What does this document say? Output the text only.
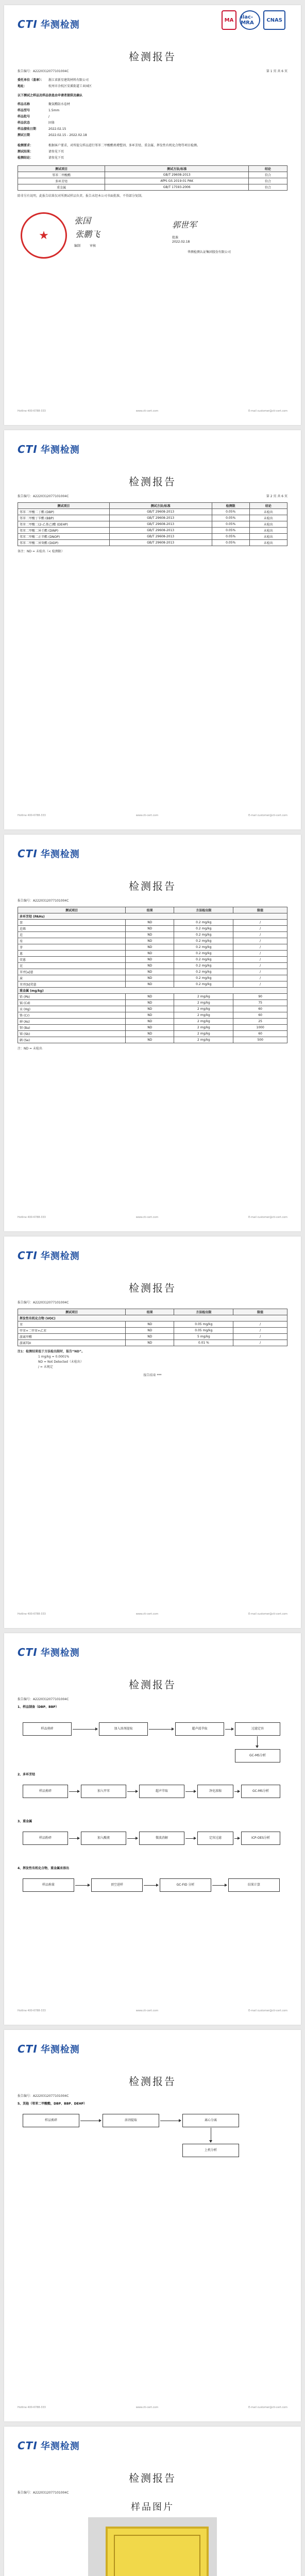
CTI 华测检测	MA	ilac-MRA	CNAS
检测报告
报告编号：A2220312077101004C	第 1 页 共 6 页
委托单位（盖章）：	浙江省新星建筑材料有限公司
地址：	杭州市余杭区安溪街道工业园区
以下测试之样品及样品信息由申请者提供及确认
样品名称	聚氨酯防水卷材
样品型号	1.5mm
样品批号	/
样品状态	固体
样品接收日期	2022.02.15
测试日期	2022.02.15 - 2022.02.18
检测要求：	根据客户要求，对所提交样品进行邻苯二甲酸酯类增塑剂、多环芳烃、重金属、挥发性有机化合物等项目检测。
测试结果：	请参见下页
检测结论：	请参见下页
测试项目	测试方法/标准	结论
邻苯二甲酸酯	GB/T 29608-2013	符合
多环芳烃	AfPS GS 2019:01 PAK	符合
重金属	GB/T 17593-2006	符合
除非另有说明，此报告结果仅对所测试样品负责。报告未经本公司书面批准，不得部分复制。
★
张国
张鹏飞
编制	审核
郭世军
批准
2022.02.18
华测检测认证集团股份有限公司
Hotline 400-6788-333	www.cti-cert.com	E-mail customer@cti-cert.com
CTI 华测检测
检测报告
报告编号：A2220312077101004C	第 2 页 共 6 页
测试项目	测试方法/标准	检测限	结论
邻苯二甲酸二丁酯 (DBP)	GB/T 29608-2013	0.05%	未检出
邻苯二甲酸丁苄酯 (BBP)	GB/T 29608-2013	0.05%	未检出
邻苯二甲酸二(2-乙基己)酯 (DEHP)	GB/T 29608-2013	0.05%	未检出
邻苯二甲酸二异壬酯 (DINP)	GB/T 29608-2013	0.05%	未检出
邻苯二甲酸二正辛酯 (DNOP)	GB/T 29608-2013	0.05%	未检出
邻苯二甲酸二异癸酯 (DIDP)	GB/T 29608-2013	0.05%	未检出
备注：ND = 未检出（< 检测限）
Hotline 400-6788-333	www.cti-cert.com	E-mail customer@cti-cert.com
CTI 华测检测
检测报告
报告编号：A2220312077101004C
测试项目	结果	方法检出限	限值
多环芳烃 (PAHs)			
萘	ND	0.2 mg/kg	/
苊烯	ND	0.2 mg/kg	/
苊	ND	0.2 mg/kg	/
芴	ND	0.2 mg/kg	/
菲	ND	0.2 mg/kg	/
蒽	ND	0.2 mg/kg	/
荧蒽	ND	0.2 mg/kg	/
芘	ND	0.2 mg/kg	/
苯并[a]蒽	ND	0.2 mg/kg	/
䓛	ND	0.2 mg/kg	/
苯并[b]荧蒽	ND	0.2 mg/kg	/
重金属 (mg/kg)			
铅 (Pb)	ND	2 mg/kg	90
镉 (Cd)	ND	2 mg/kg	75
汞 (Hg)	ND	2 mg/kg	60
铬 (Cr)	ND	2 mg/kg	60
砷 (As)	ND	2 mg/kg	25
钡 (Ba)	ND	2 mg/kg	1000
锑 (Sb)	ND	2 mg/kg	60
硒 (Se)	ND	2 mg/kg	500
注：ND = 未检出
Hotline 400-6788-333	www.cti-cert.com	E-mail customer@cti-cert.com
CTI 华测检测
检测报告
报告编号：A2220312077101004C
测试项目	结果	方法检出限	限值
挥发性有机化合物 (VOC)			
苯	ND	0.05 mg/kg	/
甲苯+二甲苯+乙苯	ND	0.05 mg/kg	/
游离甲醛	ND	5 mg/kg	/
游离TDI	ND	0.01 %	/
注1：检测结果低于方法检出限时，报告“ND”。
1 mg/kg = 0.0001%
ND = Not Detected（未检出）
/ = 未规定
报告结束 ***
Hotline 400-6788-333	www.cti-cert.com	E-mail customer@cti-cert.com
CTI 华测检测
检测报告
报告编号：A2220312077101004C
1、样品制备（DBP、BBP）
样品剪碎	加入溶剂提取	超声波萃取	过滤定容
GC-MS分析
2、多环芳烃
样品剪碎	加入甲苯	超声萃取	净化浓缩	GC-MS分析
3、重金属
样品粉碎	加入酸液	微波消解	定容过滤	ICP-OES分析
4、挥发性有机化合物，重金属汞溶出
样品称量	顶空进样	GC-FID 分析	结果计算
Hotline 400-6788-333	www.cti-cert.com	E-mail customer@cti-cert.com
CTI 华测检测
检测报告
报告编号：A2220312077101004C
5、其他（邻苯二甲酸酯，DBP、BBP、DEHP）
样品剪碎	溶剂提取	离心分离
上机分析
Hotline 400-6788-333	www.cti-cert.com	E-mail customer@cti-cert.com
CTI 华测检测
检测报告
报告编号：A2220312077101004C
样品图片
